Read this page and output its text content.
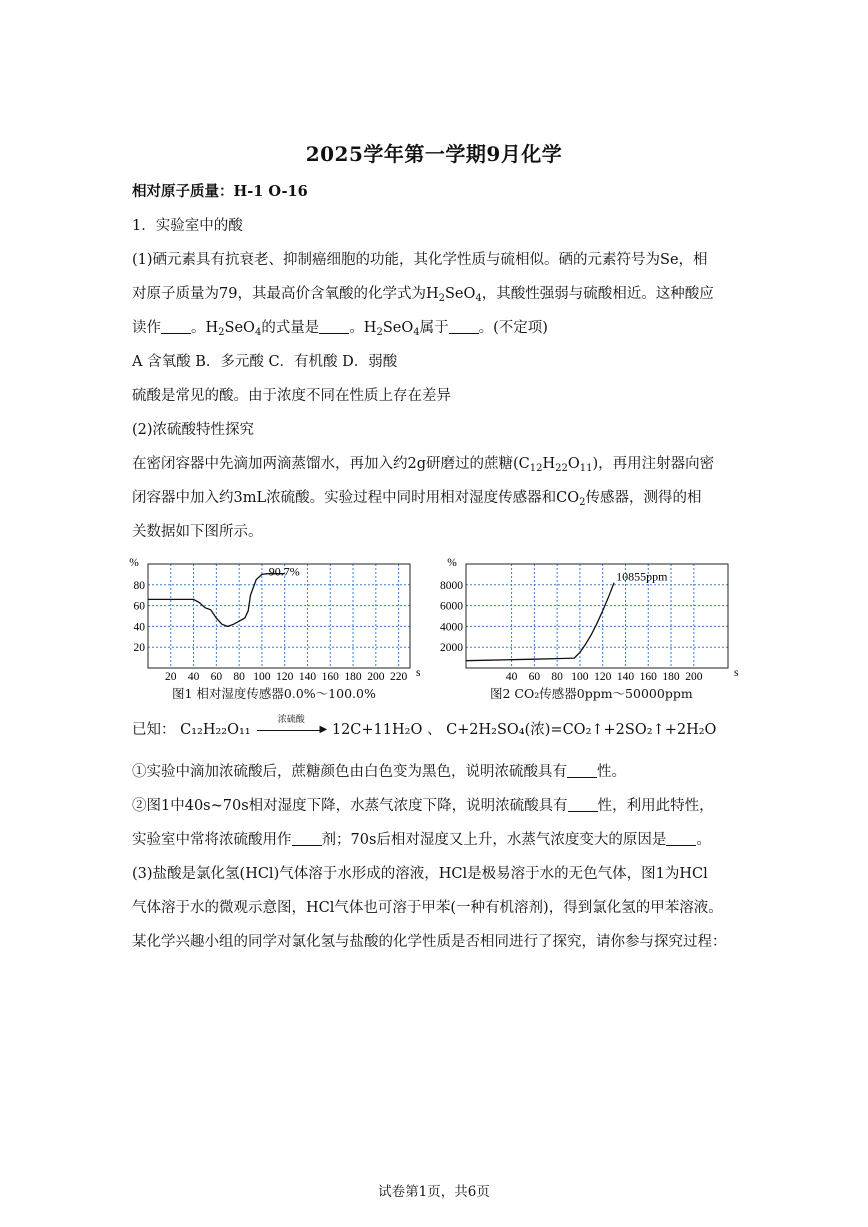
2025学年第一学期9月化学
相对原子质量：H-1 O-16
1．实验室中的酸
(1)硒元素具有抗衰老、抑制癌细胞的功能，其化学性质与硫相似。硒的元素符号为Se，相
对原子质量为79，其最高价含氧酸的化学式为$H_2SeO_4$，其酸性强弱与硫酸相近。这种酸应
读作 。$H_2SeO_4$的式量是 。$H_2SeO_4$属于 。(不定项)
A 含氧酸 B．多元酸 C．有机酸 D．弱酸
硫酸是常见的酸。由于浓度不同在性质上存在差异
(2)浓硫酸特性探究
在密闭容器中先滴加两滴蒸馏水，再加入约2g研磨过的蔗糖$(C_{12}H_{22}O_{11})$，再用注射器向密
闭容器中加入约3mL浓硫酸。实验过程中同时用相对湿度传感器和$CO_2$传感器，测得的相
关数据如下图所示。
20 40 60 80 100 120 140 160 180 200 220
20
40
60
80
%
s
90.7%
图1 相对湿度传感器0.0%～100.0%
40 60 80 100 120 140 160 180 200
2000
4000
6000
8000
%
s
10855ppm
图2 CO₂传感器0ppm～50000ppm
已知： C₁₂H₂₂O₁₁
浓硫酸
▶ 12C+11H₂O 、 C+2H₂SO₄(浓)=CO₂↑+2SO₂↑+2H₂O
①实验中滴加浓硫酸后，蔗糖颜色由白色变为黑色，说明浓硫酸具有 性。
②图1中40s~70s相对湿度下降，水蒸气浓度下降，说明浓硫酸具有 性，利用此特性，
实验室中常将浓硫酸用作 剂；70s后相对湿度又上升，水蒸气浓度变大的原因是 。
(3)盐酸是氯化氢(HCl)气体溶于水形成的溶液，HCl是极易溶于水的无色气体，图1为HCl
气体溶于水的微观示意图，HCl气体也可溶于甲苯(一种有机溶剂)，得到氯化氢的甲苯溶液。
某化学兴趣小组的同学对氯化氢与盐酸的化学性质是否相同进行了探究，请你参与探究过程：
试卷第1页，共6页
